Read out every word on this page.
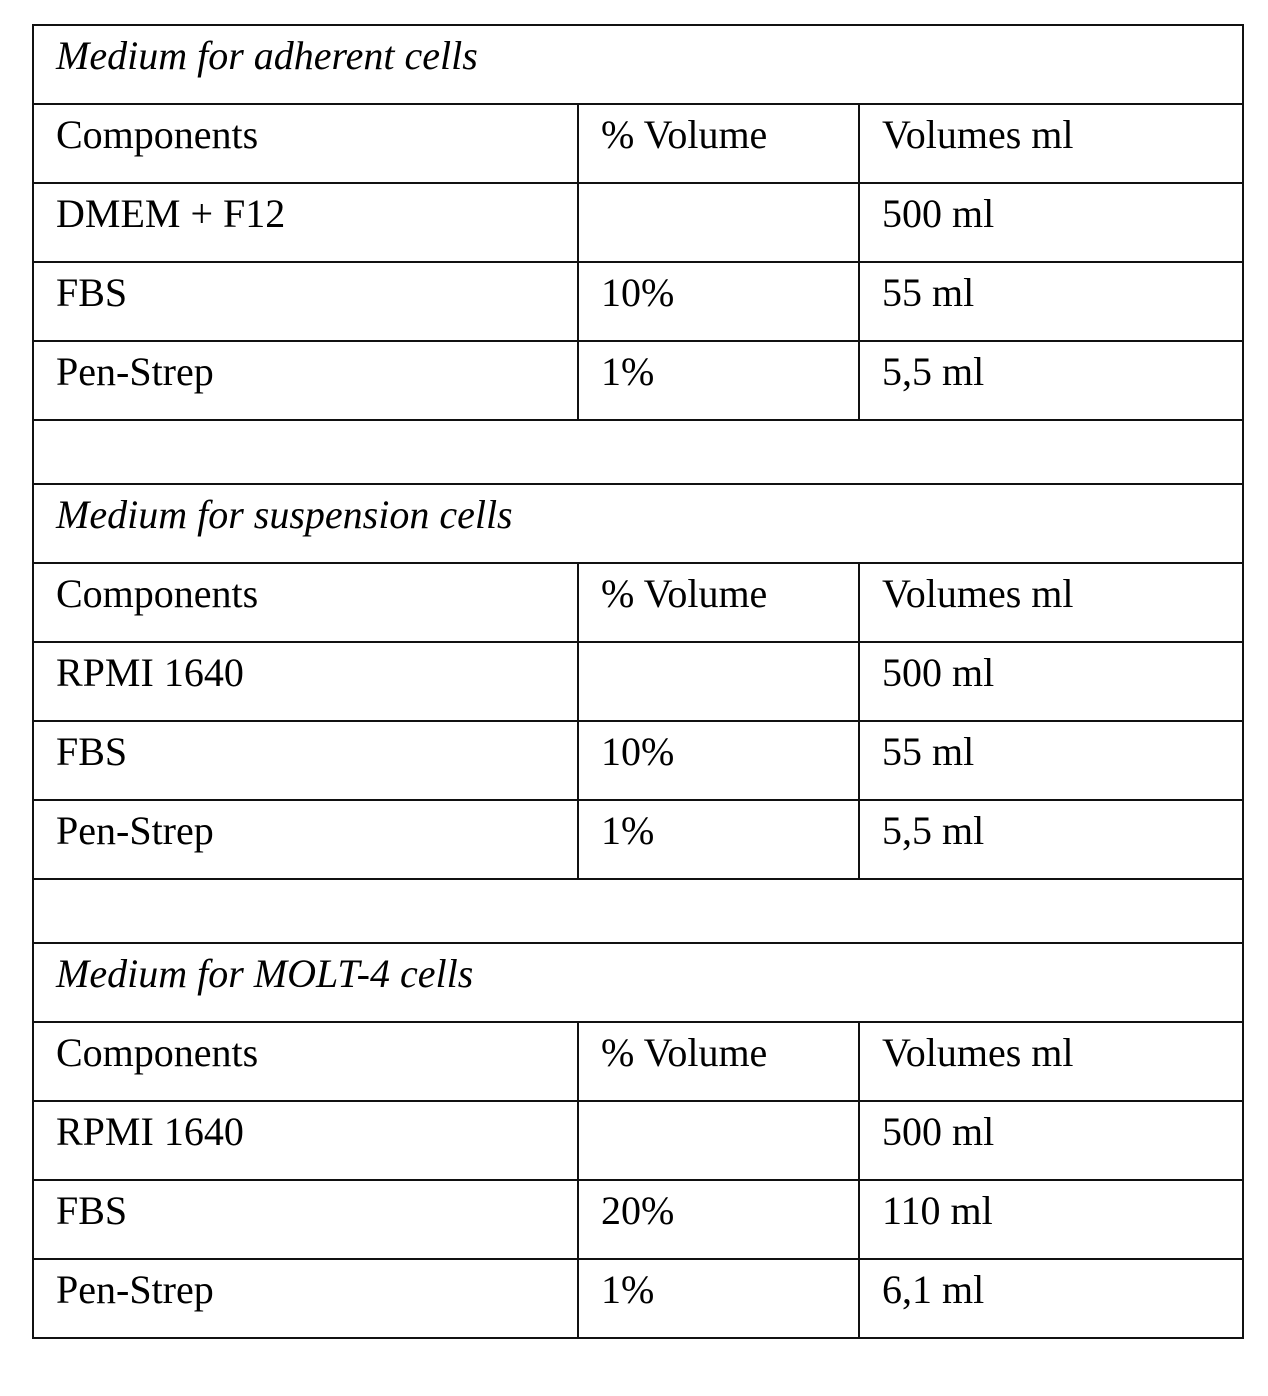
Medium for adherent cells		

Components	% Volume	Volumes ml

DMEM + F12		500 ml

FBS	10%	55 ml

Pen-Strep	1%	5,5 ml

Medium for suspension cells		

Components	% Volume	Volumes ml

RPMI 1640		500 ml

FBS	10%	55 ml

Pen-Strep	1%	5,5 ml

Medium for MOLT-4 cells		

Components	% Volume	Volumes ml

RPMI 1640		500 ml

FBS	20%	110 ml

Pen-Strep	1%	6,1 ml
